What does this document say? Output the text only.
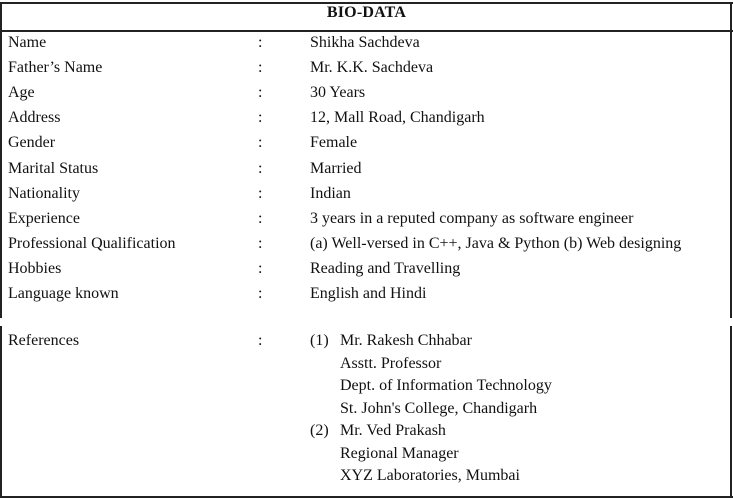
BIO-DATA
Name	:	Shikha Sachdeva
Father’s Name	:	Mr. K.K. Sachdeva
Age	:	30 Years
Address	:	12, Mall Road, Chandigarh
Gender	:	Female
Marital Status	:	Married
Nationality	:	Indian
Experience	:	3 years in a reputed company as software engineer
Professional Qualification	:	(a) Well-versed in C++, Java & Python (b) Web designing
Hobbies	:	Reading and Travelling
Language known	:	English and Hindi
References	:	(1) Mr. Rakesh Chhabar
Asstt. Professor
Dept. of Information Technology
St. John's College, Chandigarh
(2) Mr. Ved Prakash
Regional Manager
XYZ Laboratories, Mumbai
